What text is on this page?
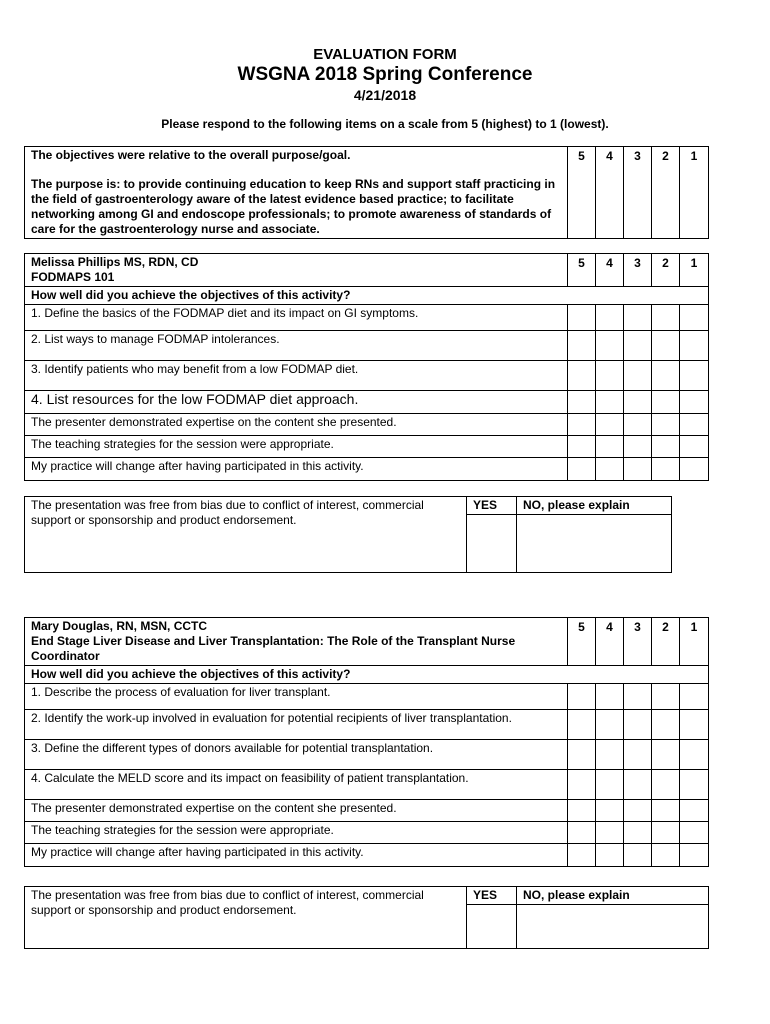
EVALUATION FORM
WSGNA 2018 Spring Conference
4/21/2018
Please respond to the following items on a scale from 5 (highest) to 1 (lowest).
The objectives were relative to the overall purpose/goal.
The purpose is: to provide continuing education to keep RNs and support staff practicing in the field of gastroenterology aware of the latest evidence based practice; to facilitate networking among GI and endoscope professionals; to promote awareness of standards of care for the gastroenterology nurse and associate.
	5	4	3	2	1
Melissa Phillips MS, RDN, CD
FODMAPS 101	5	4	3	2	1
How well did you achieve the objectives of this activity?					
1. Define the basics of the FODMAP diet and its impact on GI symptoms.					
2. List ways to manage FODMAP intolerances.					
3. Identify patients who may benefit from a low FODMAP diet.					
4. List resources for the low FODMAP diet approach.					
The presenter demonstrated expertise on the content she presented.					
The teaching strategies for the session were appropriate.					
My practice will change after having participated in this activity.					
The presentation was free from bias due to conflict of interest, commercial support or sponsorship and product endorsement.	YES	NO, please explain

Mary Douglas, RN, MSN, CCTC
End Stage Liver Disease and Liver Transplantation: The Role of the Transplant Nurse Coordinator	5	4	3	2	1
How well did you achieve the objectives of this activity?					
1. Describe the process of evaluation for liver transplant.					
2. Identify the work-up involved in evaluation for potential recipients of liver transplantation.					
3. Define the different types of donors available for potential transplantation.					
4. Calculate the MELD score and its impact on feasibility of patient transplantation.					
The presenter demonstrated expertise on the content she presented.					
The teaching strategies for the session were appropriate.					
My practice will change after having participated in this activity.					
The presentation was free from bias due to conflict of interest, commercial support or sponsorship and product endorsement.	YES	NO, please explain
